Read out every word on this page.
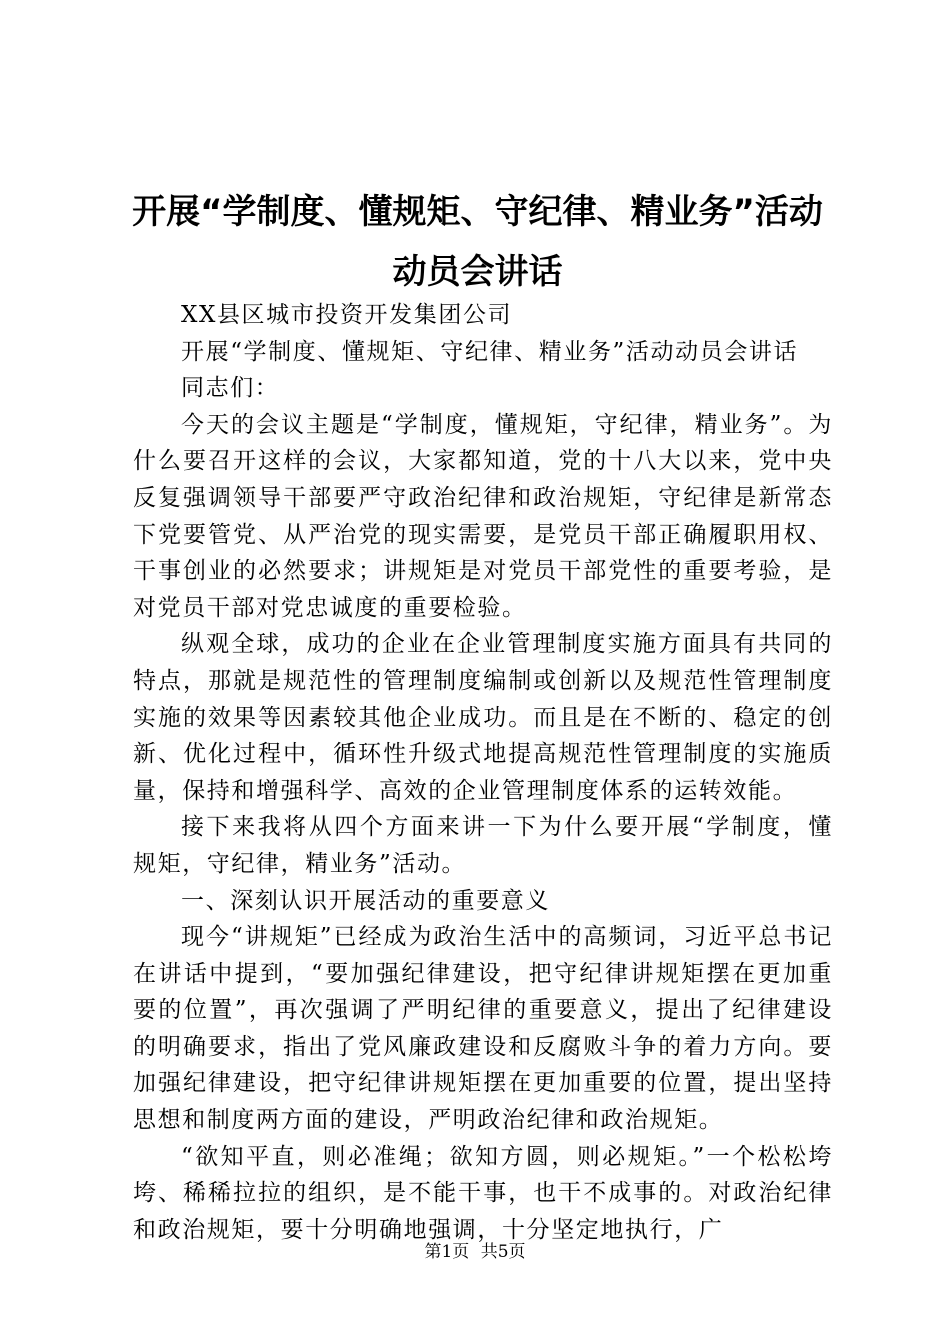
开展“学制度、懂规矩、守纪律、精业务”活动动员会讲话

XX县区城市投资开发集团公司

开展“学制度、懂规矩、守纪律、精业务”活动动员会讲话

同志们：

今天的会议主题是“学制度，懂规矩，守纪律，精业务”。为什么要召开这样的会议，大家都知道，党的十八大以来，党中央反复强调领导干部要严守政治纪律和政治规矩，守纪律是新常态下党要管党、从严治党的现实需要，是党员干部正确履职用权、干事创业的必然要求；讲规矩是对党员干部党性的重要考验，是对党员干部对党忠诚度的重要检验。

纵观全球，成功的企业在企业管理制度实施方面具有共同的特点，那就是规范性的管理制度编制或创新以及规范性管理制度实施的效果等因素较其他企业成功。而且是在不断的、稳定的创新、优化过程中，循环性升级式地提高规范性管理制度的实施质量，保持和增强科学、高效的企业管理制度体系的运转效能。

接下来我将从四个方面来讲一下为什么要开展“学制度，懂规矩，守纪律，精业务”活动。

一、深刻认识开展活动的重要意义

现今“讲规矩”已经成为政治生活中的高频词，习近平总书记在讲话中提到，“要加强纪律建设，把守纪律讲规矩摆在更加重要的位置”，再次强调了严明纪律的重要意义，提出了纪律建设的明确要求，指出了党风廉政建设和反腐败斗争的着力方向。要加强纪律建设，把守纪律讲规矩摆在更加重要的位置，提出坚持思想和制度两方面的建设，严明政治纪律和政治规矩。

“欲知平直，则必准绳；欲知方圆，则必规矩。”一个松松垮垮、稀稀拉拉的组织，是不能干事，也干不成事的。对政治纪律和政治规矩，要十分明确地强调，十分坚定地执行，广

第1页 共5页
